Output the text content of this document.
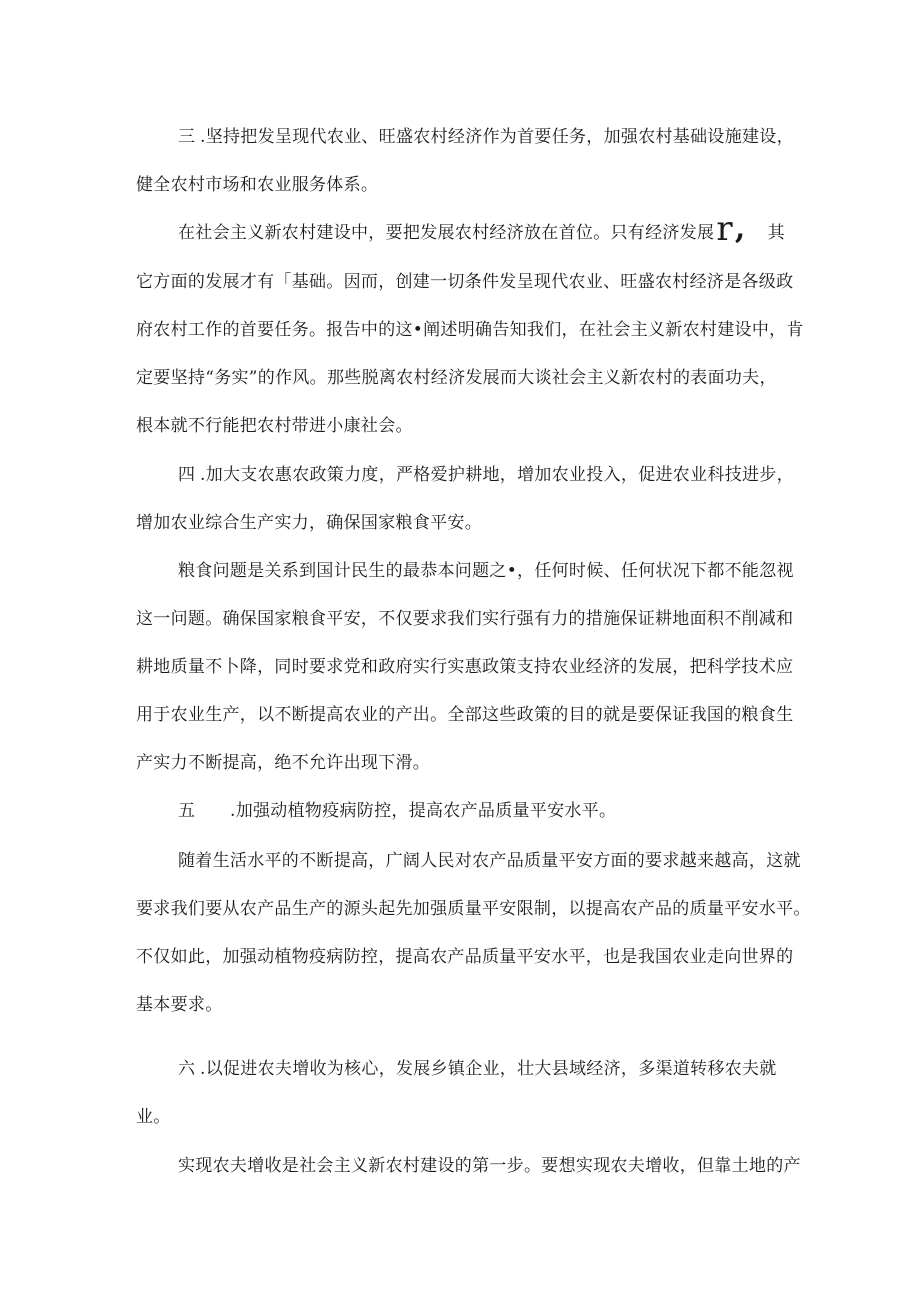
三 .坚持把发呈现代农业、旺盛农村经济作为首要任务，加强农村基础设施建设，
健全农村市场和农业服务体系。
在社会主义新农村建设中，要把发展农村经济放在首位。只有经济发展r, 其
它方面的发展才有「基础。因而，创建一切条件发呈现代农业、旺盛农村经济是各级政
府农村工作的首要任务。报告中的这•阐述明确告知我们，在社会主义新农村建设中，肯
定要坚持“务实”的作风。那些脱离农村经济发展而大谈社会主义新农村的表面功夫，
根本就不行能把农村带进小康社会。
四 .加大支农惠农政策力度，严格爱护耕地，增加农业投入，促进农业科技进步，
增加农业综合生产实力，确保国家粮食平安。
粮食问题是关系到国计民生的最恭本问题之•，任何时候、任何状况下都不能忽视
这一问题。确保国家粮食平安，不仅要求我们实行强有力的措施保证耕地面积不削减和
耕地质量不卜降，同时要求党和政府实行实惠政策支持农业经济的发展，把科学技术应
用于农业生产，以不断提高农业的产出。全部这些政策的目的就是要保证我国的粮食生
产实力不断提高，绝不允许出现下滑。
五 .加强动植物疫病防控，提高农产品质量平安水平。
随着生活水平的不断提高，广阔人民对农产品质量平安方面的要求越来越高，这就
要求我们要从农产品生产的源头起先加强质量平安限制，以提高农产品的质量平安水平。
不仅如此，加强动植物疫病防控，提高农产品质量平安水平，也是我国农业走向世界的
基本要求。
六 .以促进农夫增收为核心，发展乡镇企业，壮大县域经济，多渠道转移农夫就
业。
实现农夫增收是社会主义新农村建设的第一步。要想实现农夫增收，但靠土地的产
